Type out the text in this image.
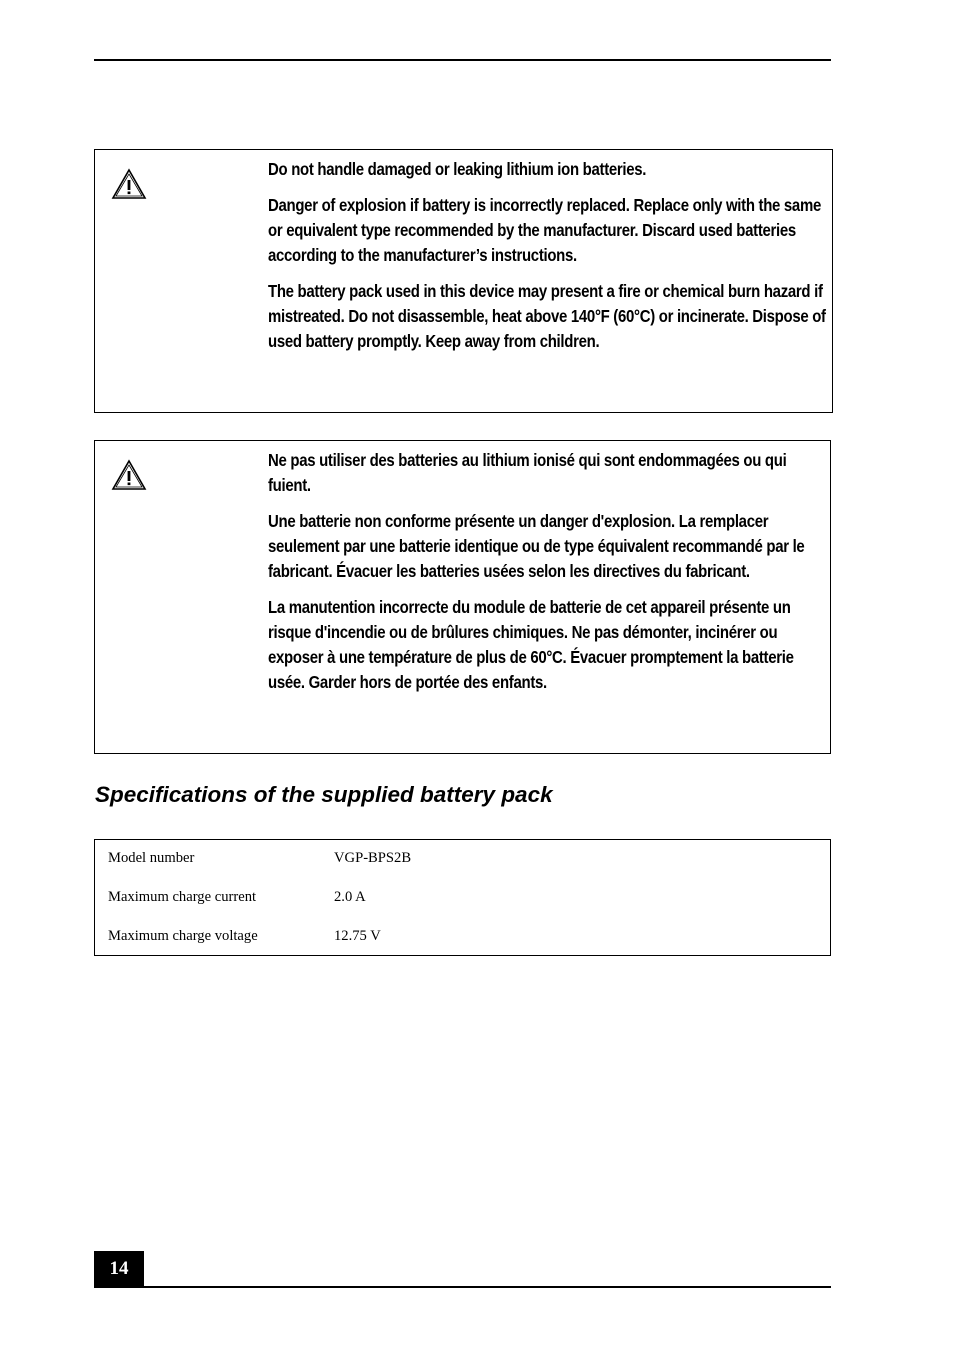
Do not handle damaged or leaking lithium ion batteries.

Danger of explosion if battery is incorrectly replaced. Replace only with the same or equivalent type recommended by the manufacturer. Discard used batteries according to the manufacturer’s instructions.

The battery pack used in this device may present a fire or chemical burn hazard if mistreated. Do not disassemble, heat above 140°F (60°C) or incinerate. Dispose of used battery promptly. Keep away from children.

Ne pas utiliser des batteries au lithium ionisé qui sont endommagées ou qui fuient.

Une batterie non conforme présente un danger d'explosion. La remplacer seulement par une batterie identique ou de type équivalent recommandé par le fabricant. Évacuer les batteries usées selon les directives du fabricant.

La manutention incorrecte du module de batterie de cet appareil présente un risque d'incendie ou de brûlures chimiques. Ne pas démonter, incinérer ou exposer à une température de plus de 60°C. Évacuer promptement la batterie usée. Garder hors de portée des enfants.

Specifications of the supplied battery pack
Model number	VGP-BPS2B
Maximum charge current	2.0 A
Maximum charge voltage	12.75 V
14
